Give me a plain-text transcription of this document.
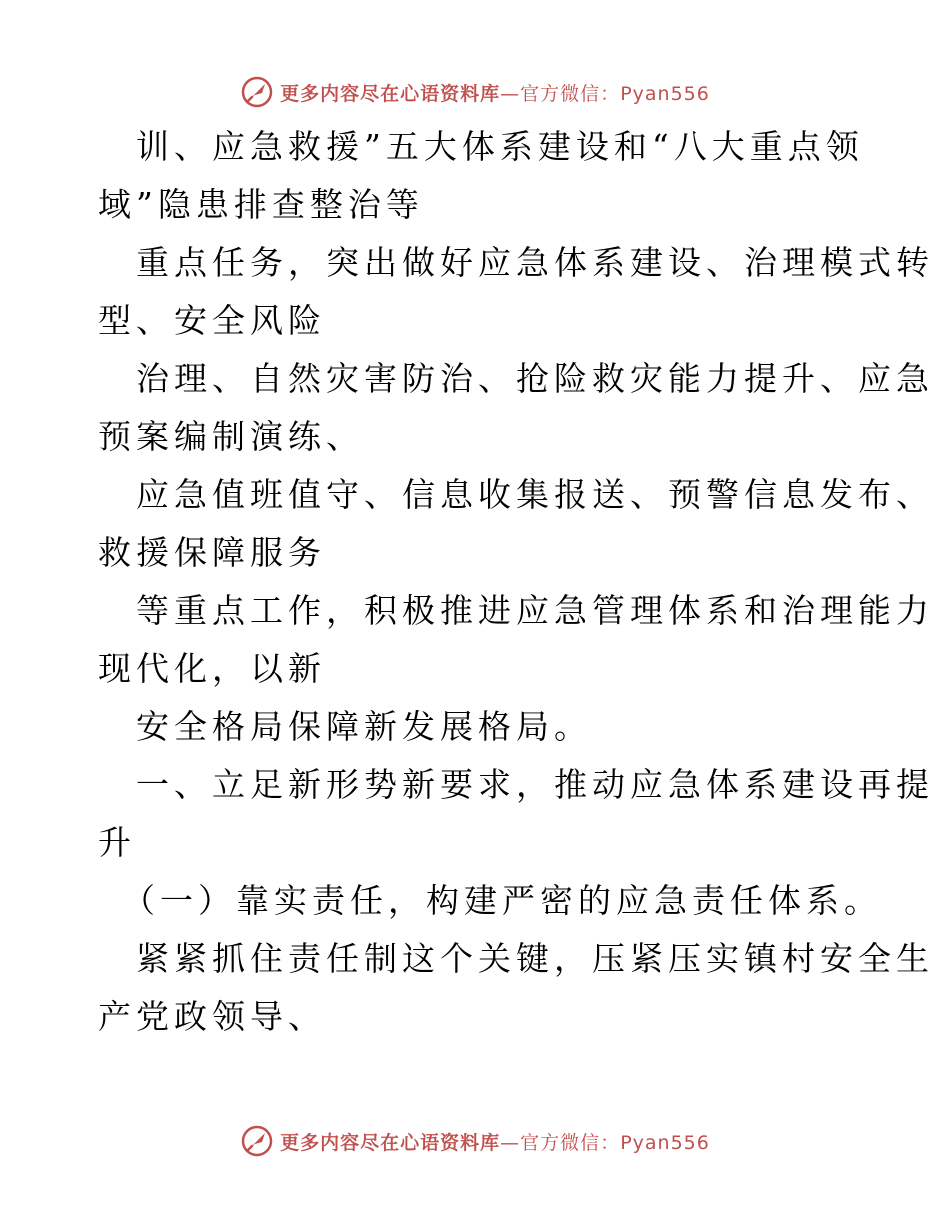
更多内容尽在心语资料库—官方微信：Pyan556
训、应急救援”五大体系建设和“八大重点领
域”隐患排查整治等
重点任务，突出做好应急体系建设、治理模式转
型、安全风险
治理、自然灾害防治、抢险救灾能力提升、应急
预案编制演练、
应急值班值守、信息收集报送、预警信息发布、
救援保障服务
等重点工作，积极推进应急管理体系和治理能力
现代化，以新
安全格局保障新发展格局。
一、立足新形势新要求，推动应急体系建设再提
升
（一）靠实责任，构建严密的应急责任体系。
紧紧抓住责任制这个关键，压紧压实镇村安全生
产党政领导、
更多内容尽在心语资料库—官方微信：Pyan556
